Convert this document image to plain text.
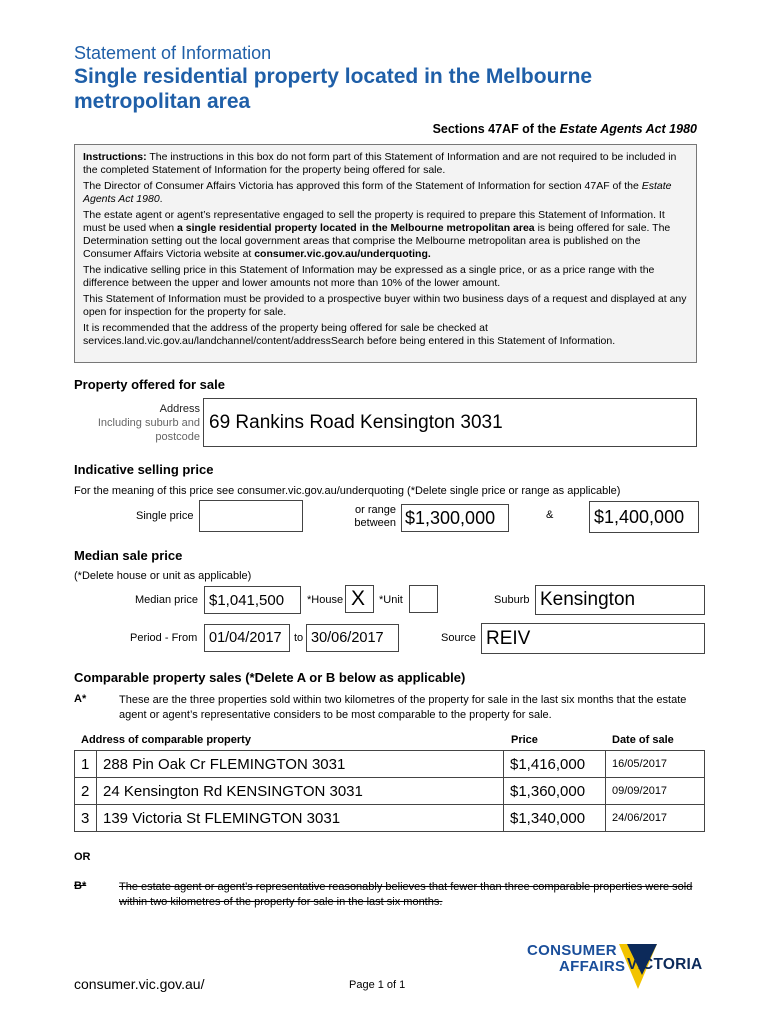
Statement of Information
Single residential property located in the Melbourne metropolitan area
Sections 47AF of the Estate Agents Act 1980

Instructions: The instructions in this box do not form part of this Statement of Information and are not required to be included in the completed Statement of Information for the property being offered for sale.

The Director of Consumer Affairs Victoria has approved this form of the Statement of Information for section 47AF of the Estate Agents Act 1980.

The estate agent or agent’s representative engaged to sell the property is required to prepare this Statement of Information. It must be used when a single residential property located in the Melbourne metropolitan area is being offered for sale. The Determination setting out the local government areas that comprise the Melbourne metropolitan area is published on the Consumer Affairs Victoria website at consumer.vic.gov.au/underquoting.

The indicative selling price in this Statement of Information may be expressed as a single price, or as a price range with the difference between the upper and lower amounts not more than 10% of the lower amount.

This Statement of Information must be provided to a prospective buyer within two business days of a request and displayed at any open for inspection for the property for sale.

It is recommended that the address of the property being offered for sale be checked at services.land.vic.gov.au/landchannel/content/addressSearch before being entered in this Statement of Information.

Property offered for sale
Address
Including suburb and
postcode
69 Rankins Road Kensington 3031
Indicative selling price
For the meaning of this price see consumer.vic.gov.au/underquoting (*Delete single price or range as applicable)
Single price	or range
between $1,300,000	& $1,400,000
Median sale price
(*Delete house or unit as applicable)
Median price $1,041,500 *House X *Unit	Suburb Kensington
Period - From 01/04/2017 to 30/06/2017	Source REIV
Comparable property sales (*Delete A or B below as applicable)
A*	These are the three properties sold within two kilometres of the property for sale in the last six months that the estate agent or agent’s representative considers to be most comparable to the property for sale.
Address of comparable property	Price	Date of sale
1	288 Pin Oak Cr FLEMINGTON 3031	$1,416,000	16/05/2017
2	24 Kensington Rd KENSINGTON 3031	$1,360,000	09/09/2017
3	139 Victoria St FLEMINGTON 3031	$1,340,000	24/06/2017
OR
B*	The estate agent or agent’s representative reasonably believes that fewer than three comparable properties were sold within two kilometres of the property for sale in the last six months.
consumer.vic.gov.au/	Page 1 of 1
CONSUMER
AFFAIRS VICTORIA
